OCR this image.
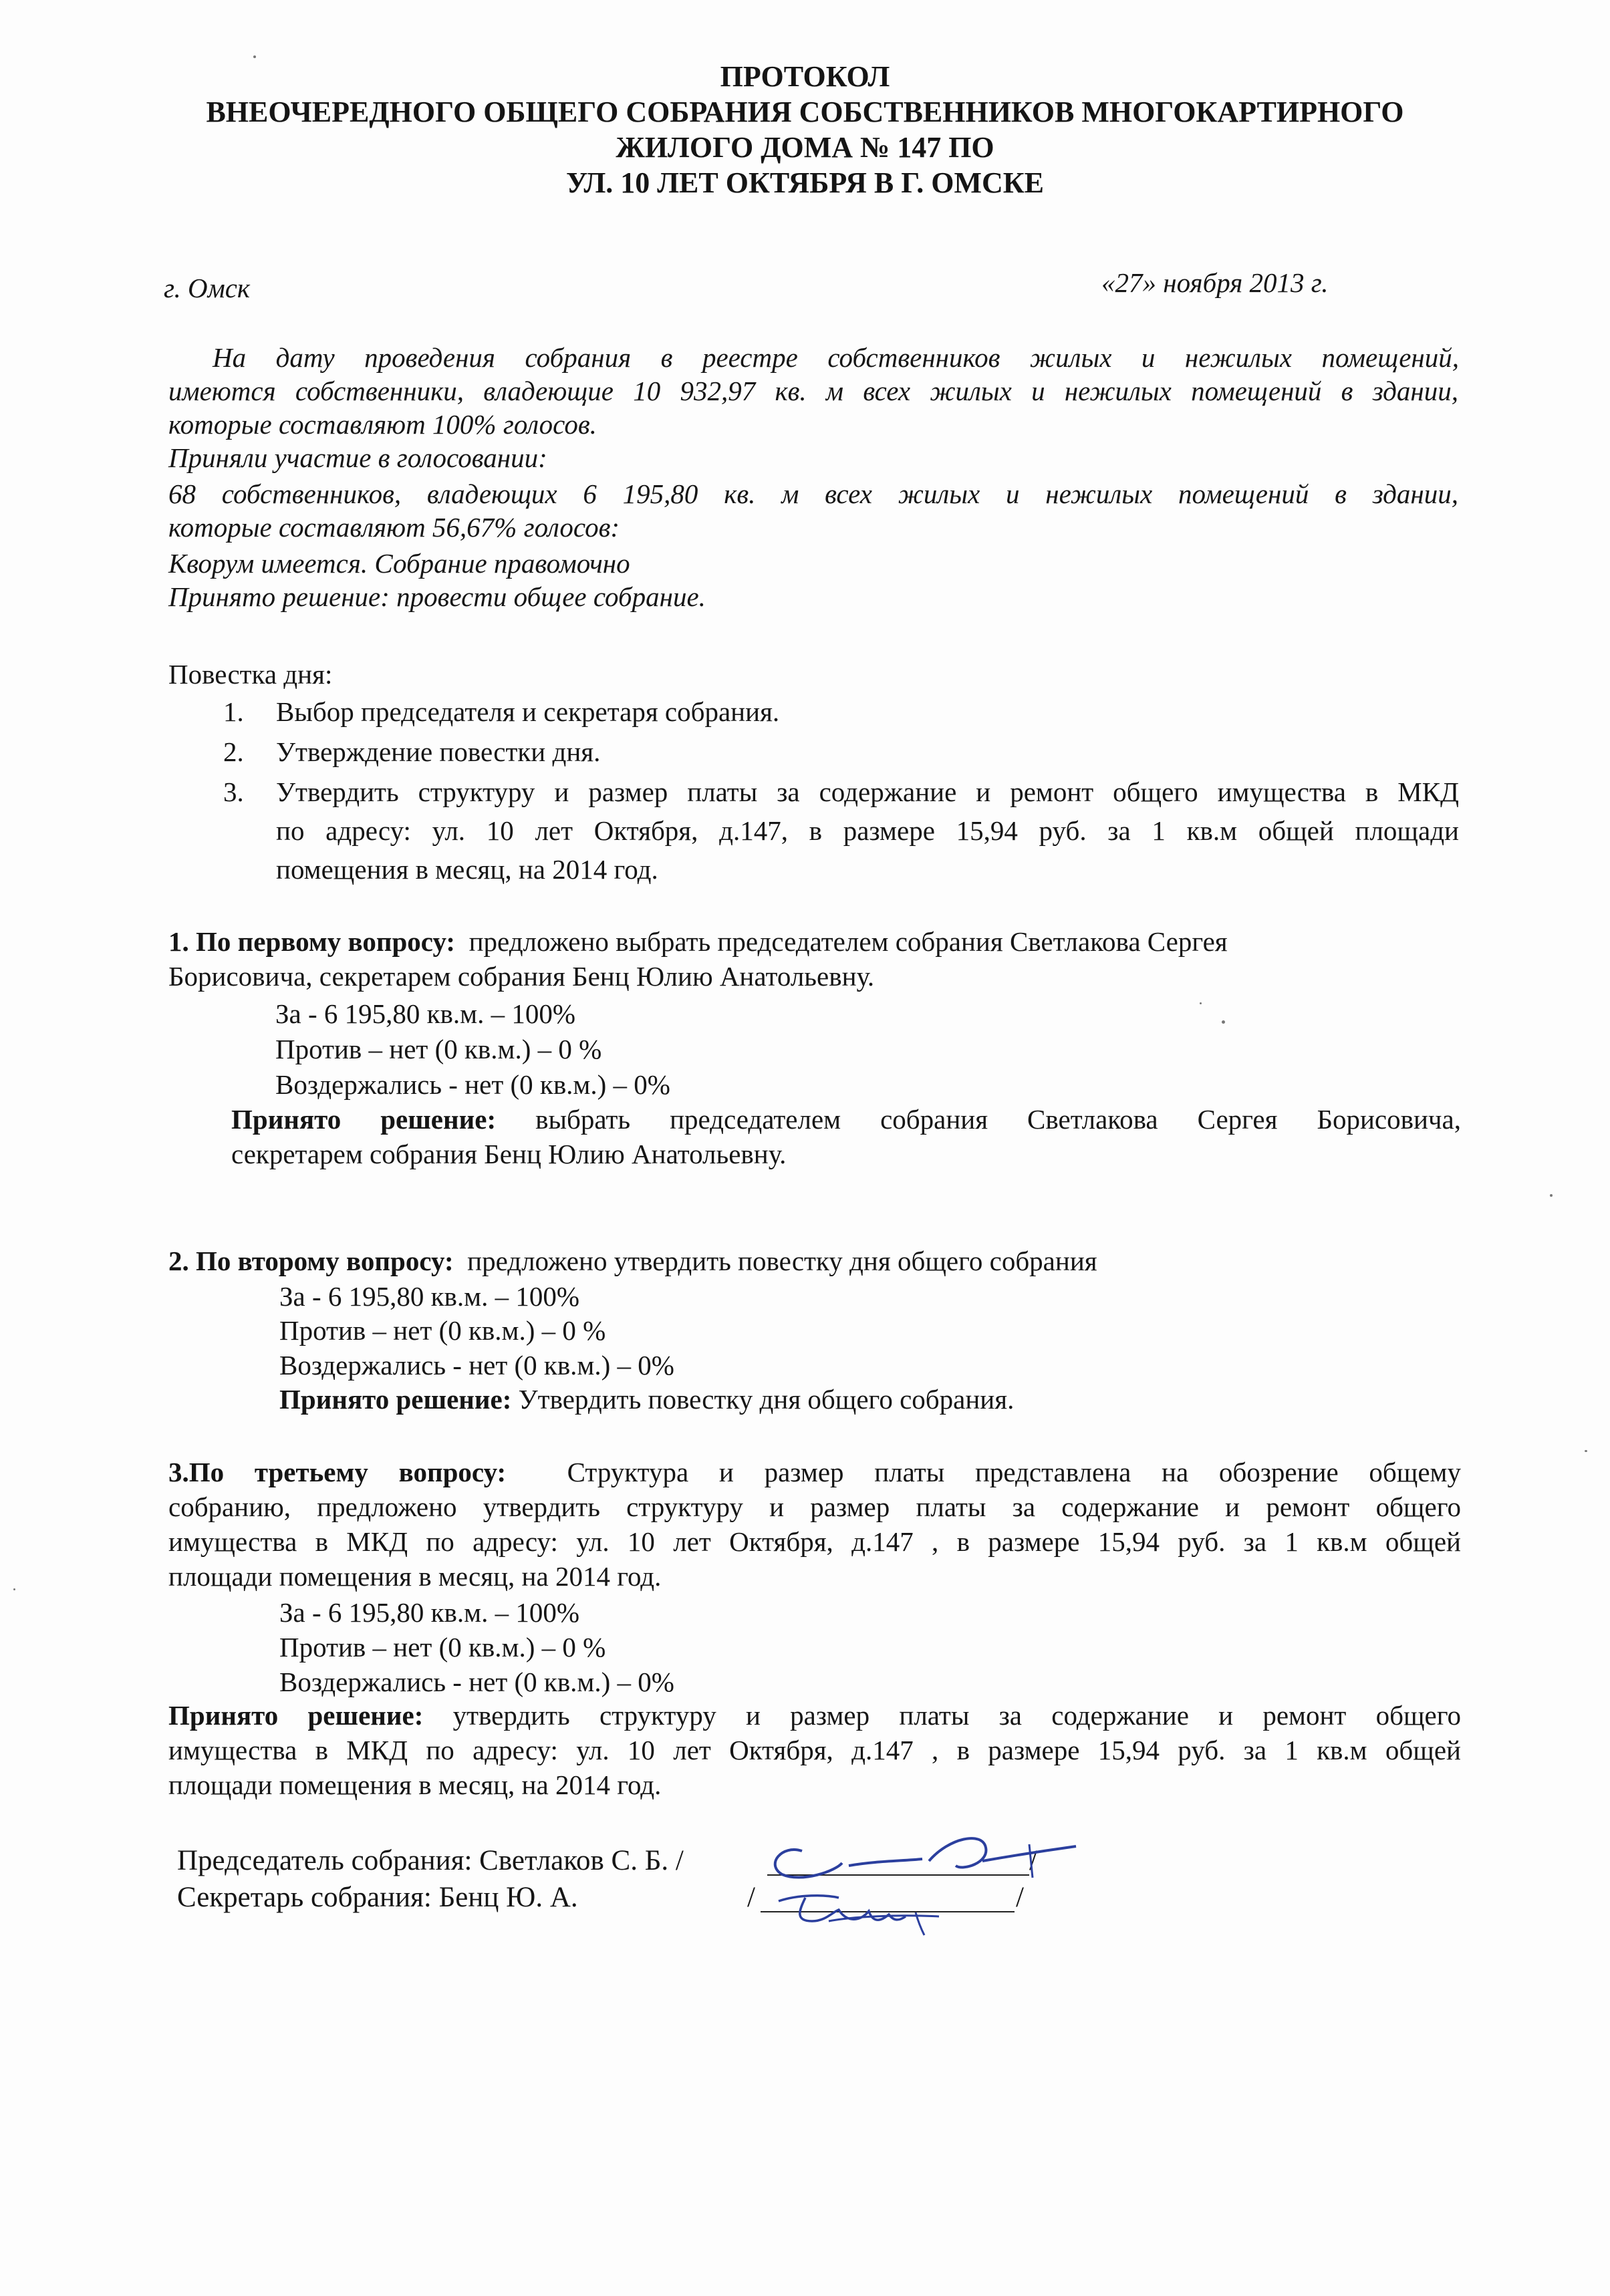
ПРОТОКОЛ
ВНЕОЧЕРЕДНОГО ОБЩЕГО СОБРАНИЯ СОБСТВЕННИКОВ МНОГОКАРТИРНОГО
ЖИЛОГО ДОМА № 147 ПО
УЛ. 10 ЛЕТ ОКТЯБРЯ В Г. ОМСКЕ
г. Омск	«27» ноября 2013 г.
На дату проведения собрания в реестре собственников жилых и нежилых помещений,
имеются собственники, владеющие 10 932,97 кв. м всех жилых и нежилых помещений в здании,
которые составляют 100% голосов.
Приняли участие в голосовании:
68 собственников, владеющих 6 195,80 кв. м всех жилых и нежилых помещений в здании,
которые составляют 56,67% голосов:
Кворум имеется. Собрание правомочно
Принято решение: провести общее собрание.
Повестка дня:
1. Выбор председателя и секретаря собрания.
2. Утверждение повестки дня.
3. Утвердить структуру и размер платы за содержание и ремонт общего имущества в МКД
по адресу: ул. 10 лет Октября, д.147, в размере 15,94 руб. за 1 кв.м общей площади
помещения в месяц, на 2014 год.
1. По первому вопросу: предложено выбрать председателем собрания Светлакова Сергея
Борисовича, секретарем собрания Бенц Юлию Анатольевну.
За - 6 195,80 кв.м. – 100%
Против – нет (0 кв.м.) – 0 %
Воздержались - нет (0 кв.м.) – 0%
Принято решение: выбрать председателем собрания Светлакова Сергея Борисовича,
секретарем собрания Бенц Юлию Анатольевну.
2. По второму вопросу: предложено утвердить повестку дня общего собрания
За - 6 195,80 кв.м. – 100%
Против – нет (0 кв.м.) – 0 %
Воздержались - нет (0 кв.м.) – 0%
Принято решение: Утвердить повестку дня общего собрания.
3.По третьему вопросу: Структура и размер платы представлена на обозрение общему
собранию, предложено утвердить структуру и размер платы за содержание и ремонт общего
имущества в МКД по адресу: ул. 10 лет Октября, д.147 , в размере 15,94 руб. за 1 кв.м общей
площади помещения в месяц, на 2014 год.
За - 6 195,80 кв.м. – 100%
Против – нет (0 кв.м.) – 0 %
Воздержались - нет (0 кв.м.) – 0%
Принято решение: утвердить структуру и размер платы за содержание и ремонт общего
имущества в МКД по адресу: ул. 10 лет Октября, д.147 , в размере 15,94 руб. за 1 кв.м общей
площади помещения в месяц, на 2014 год.
Председатель собрания: Светлаков С. Б. /	/
Секретарь собрания: Бенц Ю. А.	/	/
